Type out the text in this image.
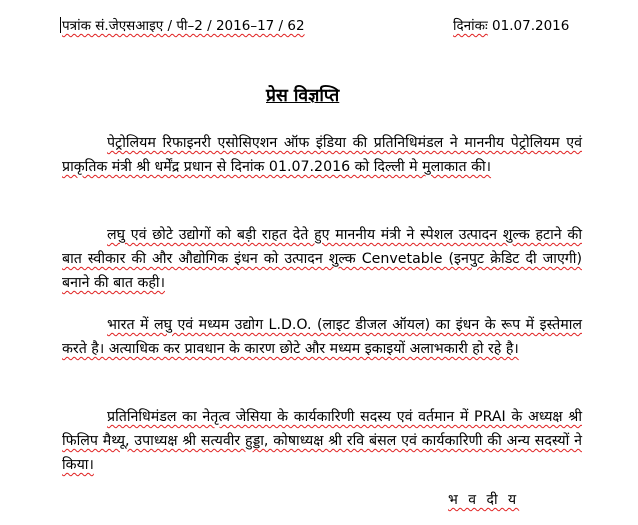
पत्रांक सं.जेएसआइए / पी–2 / 2016–17 / 62	दिनांकः 01.07.2016
प्रेस विज्ञप्ति

पेट्रोलियम रिफाइनरी एसोसिएशन ऑफ इंडिया की प्रतिनिधिमंडल ने माननीय पेट्रोलियम एवं प्राकृतिक मंत्री श्री धर्मेंद्र प्रधान से दिनांक 01.07.2016 को दिल्ली मे मुलाकात की।

लघु एवं छोटे उद्योगों को बड़ी राहत देते हुए माननीय मंत्री ने स्पेशल उत्पादन शुल्क हटाने की बात स्वीकार की और औद्योगिक इंधन को उत्पादन शुल्क Cenvetable (इनपुट क्रेडिट दी जाएगी) बनाने की बात कही।

भारत में लघु एवं मध्यम उद्योग L.D.O. (लाइट डीजल ऑयल) का इंधन के रूप में इस्तेमाल करते है। अत्याधिक कर प्रावधान के कारण छोटे और मध्यम इकाइयों अलाभकारी हो रहे है।

प्रतिनिधिमंडल का नेतृत्व जेसिया के कार्यकारिणी सदस्य एवं वर्तमान में PRAI के अध्यक्ष श्री फिलिप मैथ्यू, उपाध्यक्ष श्री सत्यवीर हुड्डा, कोषाध्यक्ष श्री रवि बंसल एवं कार्यकारिणी की अन्य सदस्यों ने किया।

भ व दी य
